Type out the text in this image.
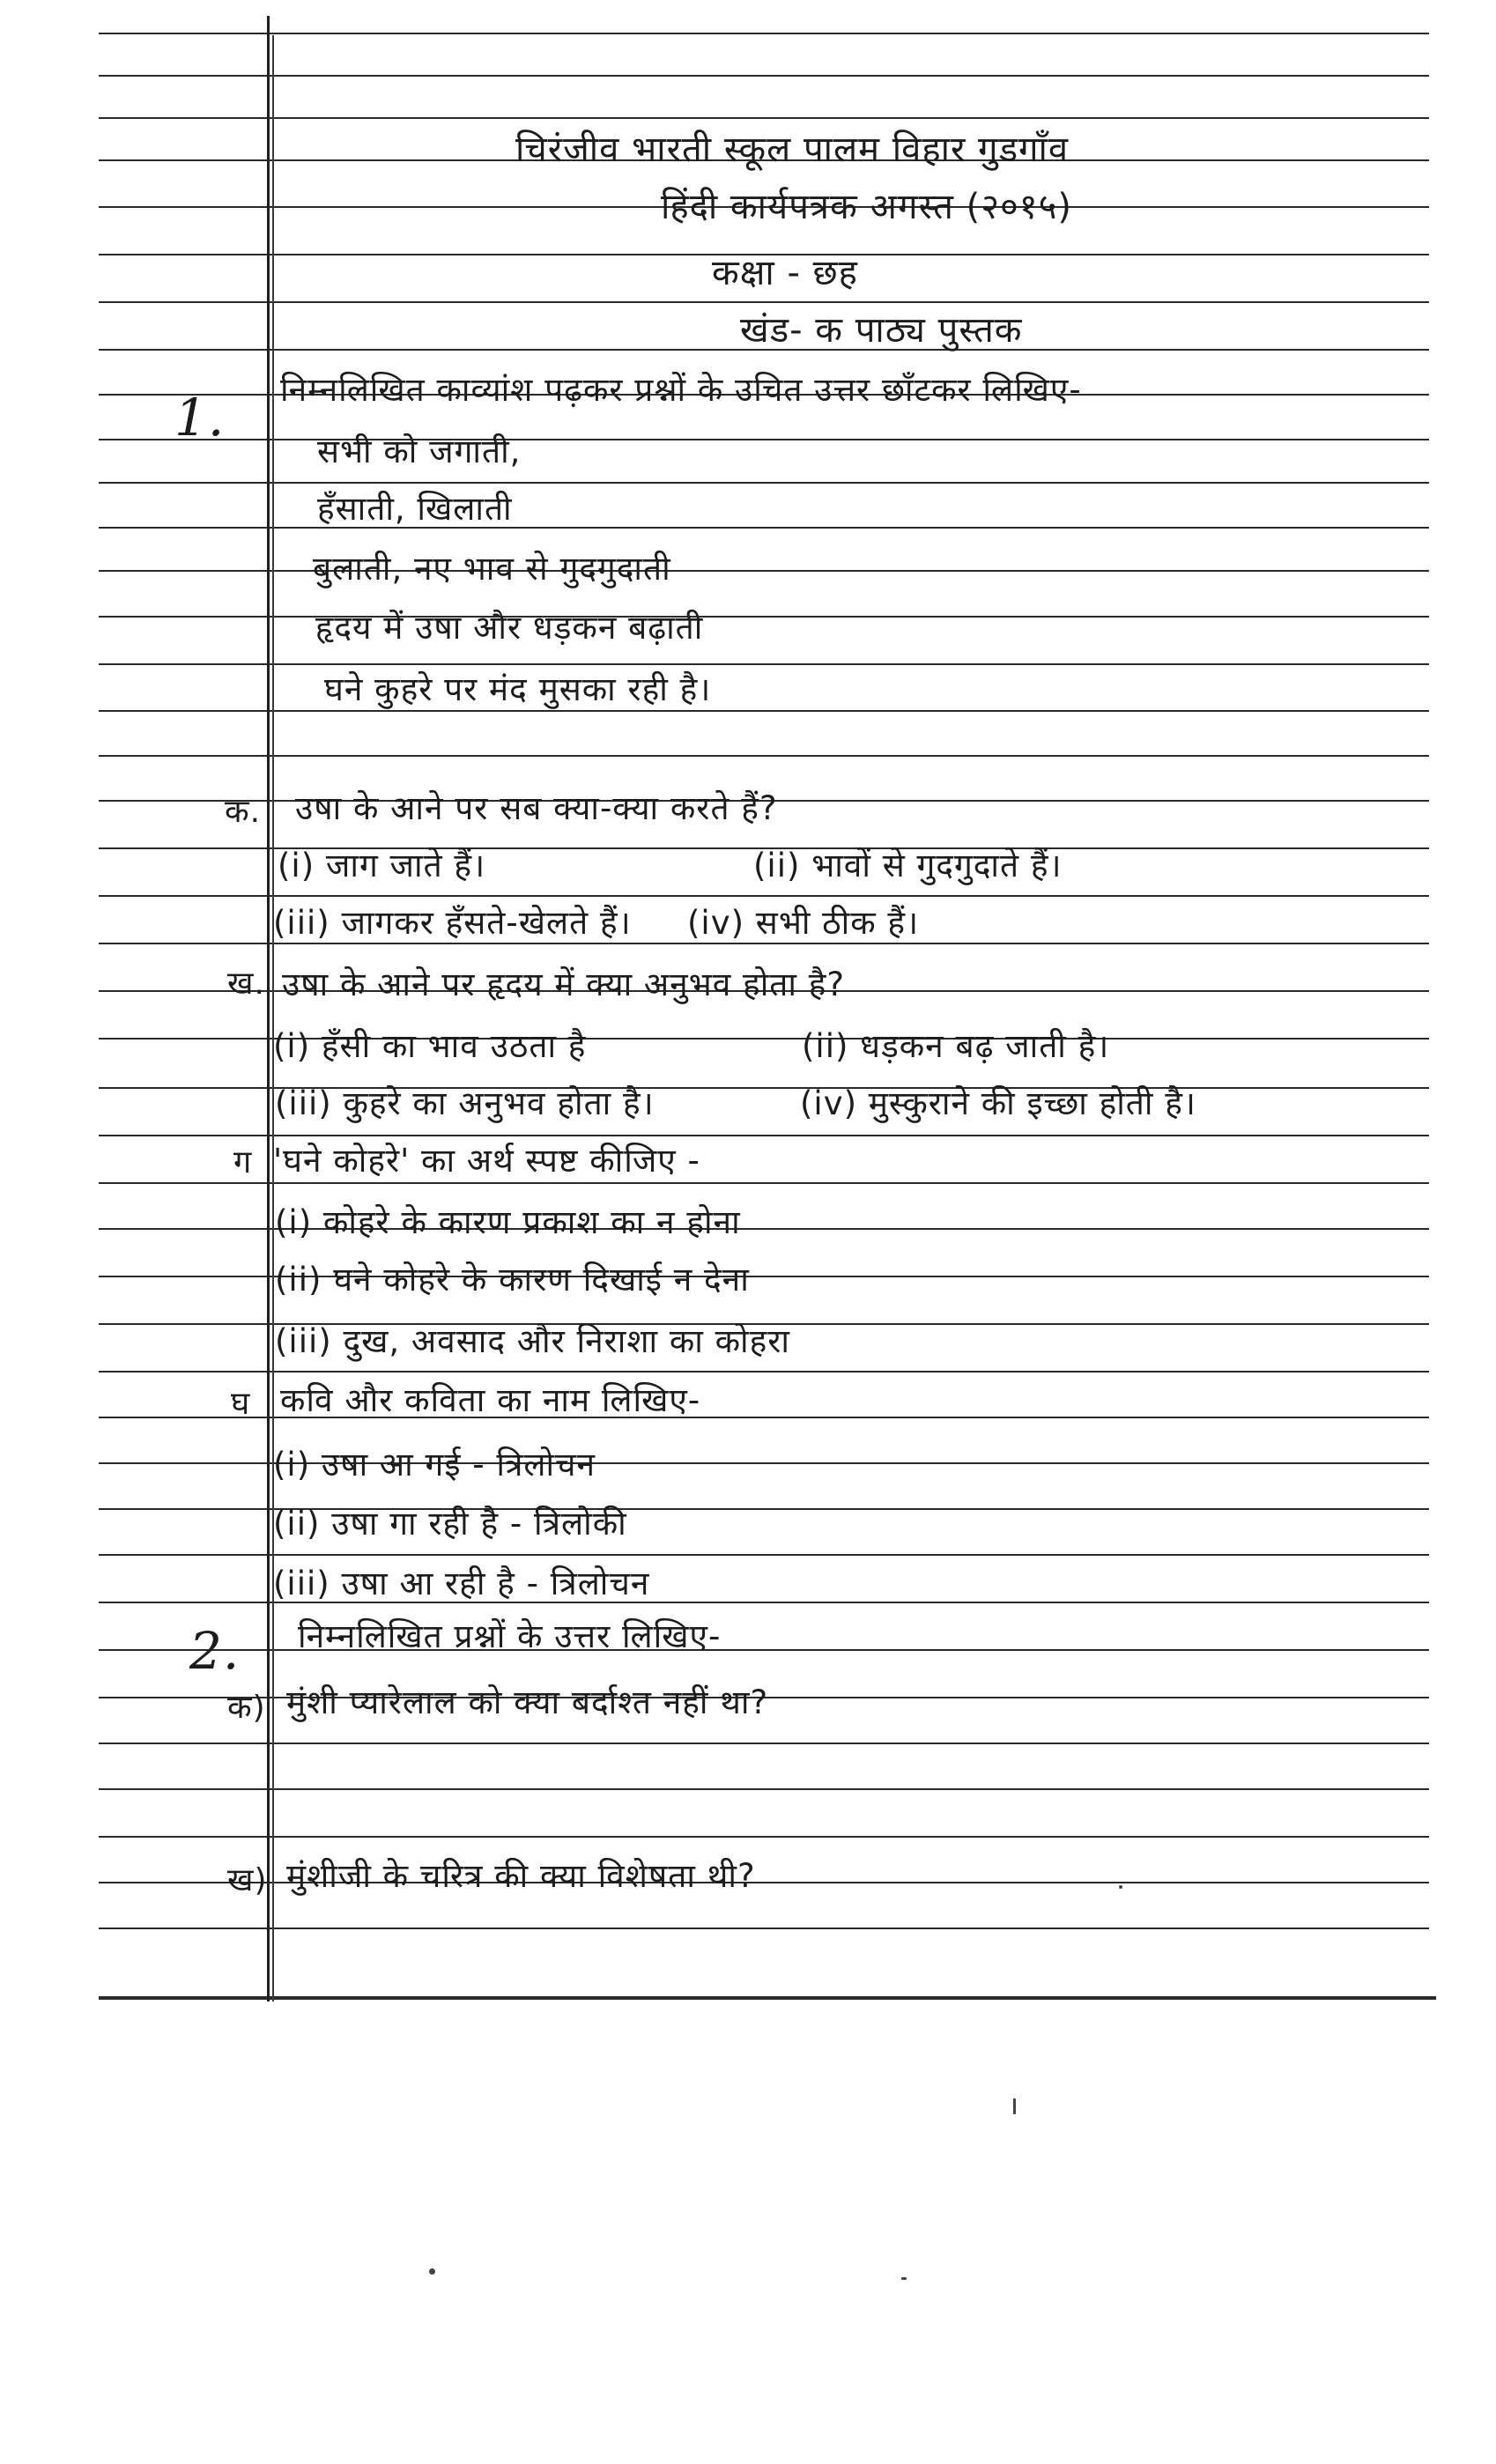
चिरंजीव भारती स्कूल पालम विहार गुडगाँव
हिंदी कार्यपत्रक अगस्त (२०१५)
कक्षा - छह
खंड- क पाठ्य पुस्तक
1. निम्नलिखित काव्यांश पढ़कर प्रश्नों के उचित उत्तर छाँटकर लिखिए-
सभी को जगाती,
हँसाती, खिलाती
बुलाती, नए भाव से गुदगुदाती
हृदय में उषा और धड़कन बढ़ाती
घने कुहरे पर मंद मुसका रही है।
क. उषा के आने पर सब क्या-क्या करते हैं?
(i) जाग जाते हैं।	(ii) भावों से गुदगुदाते हैं।
(iii) जागकर हँसते-खेलते हैं। (iv) सभी ठीक हैं।
ख. उषा के आने पर हृदय में क्या अनुभव होता है?
(i) हँसी का भाव उठता है	(ii) धड़कन बढ़ जाती है।
(iii) कुहरे का अनुभव होता है।	(iv) मुस्कुराने की इच्छा होती है।
ग 'घने कोहरे' का अर्थ स्पष्ट कीजिए -
(i) कोहरे के कारण प्रकाश का न होना
(ii) घने कोहरे के कारण दिखाई न देना
(iii) दुख, अवसाद और निराशा का कोहरा
घ कवि और कविता का नाम लिखिए-
(i) उषा आ गई - त्रिलोचन
(ii) उषा गा रही है - त्रिलोकी
(iii) उषा आ रही है - त्रिलोचन
2. निम्नलिखित प्रश्नों के उत्तर लिखिए-
क) मुंशी प्यारेलाल को क्या बर्दाश्त नहीं था?
ख) मुंशीजी के चरित्र की क्या विशेषता थी?
